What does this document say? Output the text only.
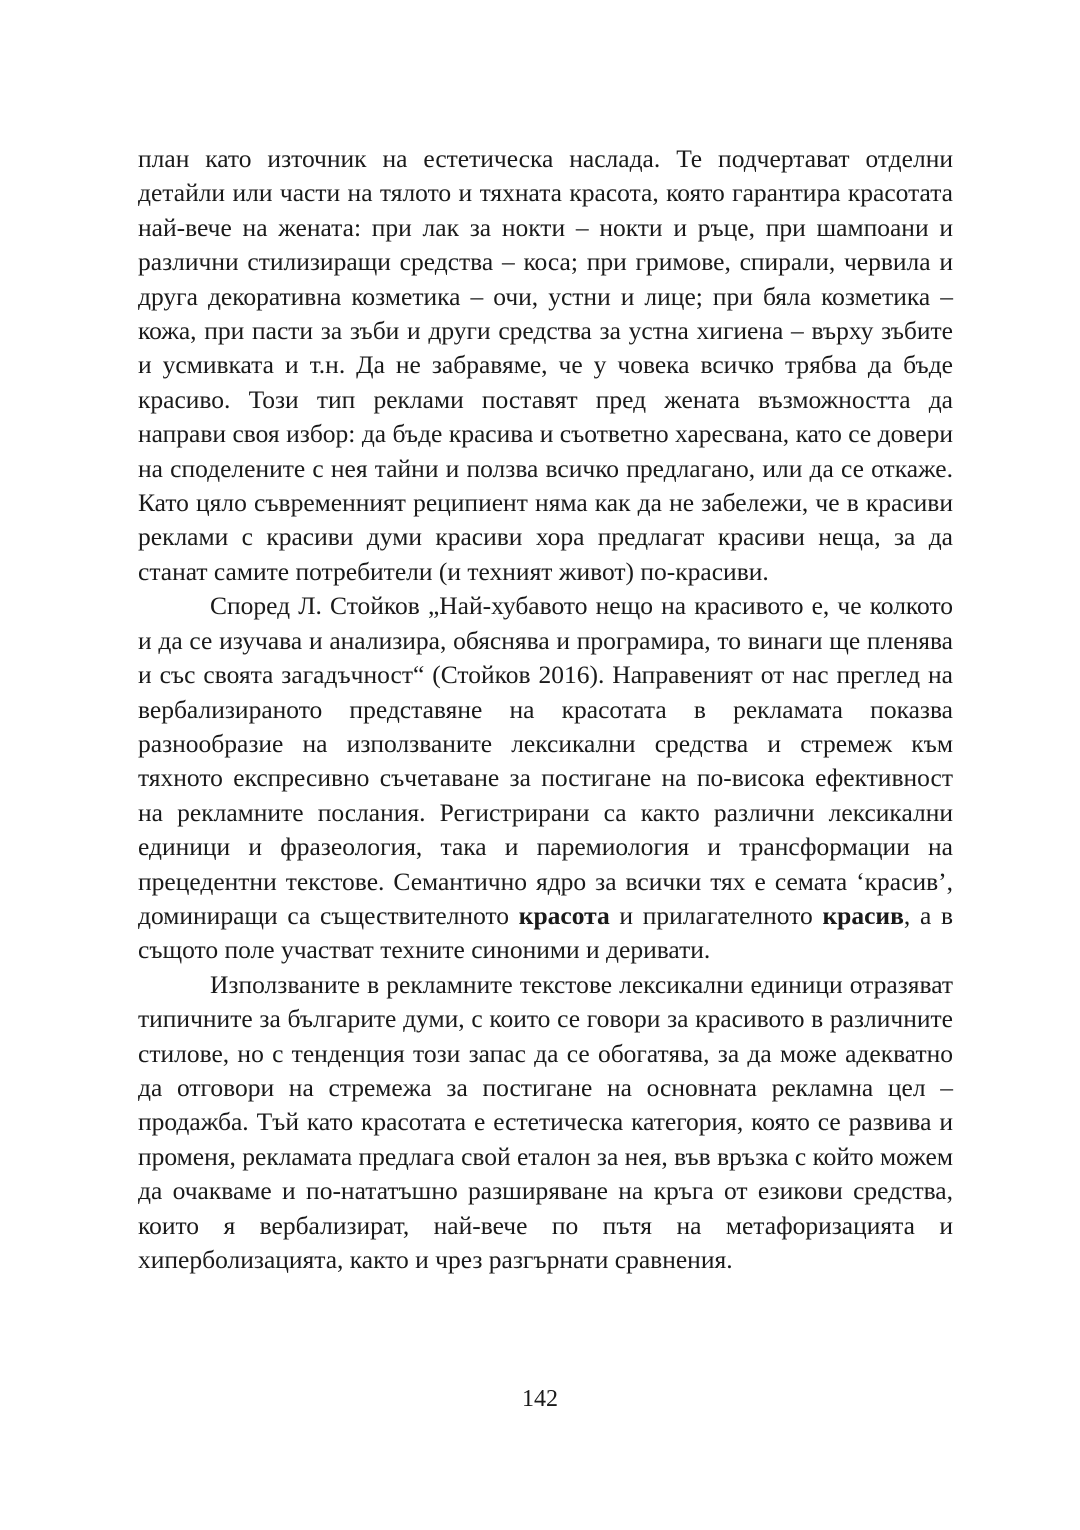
план като източник на естетическа наслада. Те подчертават отделни детайли или части на тялото и тяхната красота, която гарантира красотата най-вече на жената: при лак за нокти – нокти и ръце, при шампоани и различни стилизиращи средства – коса; при гримове, спирали, червила и друга декоративна козметика – очи, устни и лице; при бяла козметика – кожа, при пасти за зъби и други средства за устна хигиена – върху зъбите и усмивката и т.н. Да не забравяме, че у човека всичко трябва да бъде красиво. Този тип реклами поставят пред жената възможността да направи своя избор: да бъде красива и съответно харесвана, като се довери на споделените с нея тайни и ползва всичко предлагано, или да се откаже. Като цяло съвременният реципиент няма как да не забележи, че в красиви реклами с красиви думи красиви хора предлагат красиви неща, за да станат самите потребители (и техният живот) по-красиви.

Според Л. Стойков „Най-хубавото нещо на красивото е, че колкото и да се изучава и анализира, обяснява и програмира, то винаги ще пленява и със своята загадъчност“ (Стойков 2016). Направеният от нас преглед на вербализираното представяне на красотата в рекламата показва разнообразие на използваните лексикални средства и стремеж към тяхното експресивно съчетаване за постигане на по-висока ефективност на рекламните послания. Регистрирани са както различни лексикални единици и фразеология, така и паремиология и трансформации на прецедентни текстове. Семантично ядро за всички тях е семата ‘красив’, доминиращи са съществителното красота и прилагателното красив, а в същото поле участват техните синоними и деривати.

Използваните в рекламните текстове лексикални единици отразяват типичните за българите думи, с които се говори за красивото в различните стилове, но с тенденция този запас да се обогатява, за да може адекватно да отговори на стремежа за постигане на основната рекламна цел – продажба. Тъй като красотата е естетическа категория, която се развива и променя, рекламата предлага свой еталон за нея, във връзка с който можем да очакваме и по-нататъшно разширяване на кръга от езикови средства, които я вербализират, най-вече по пътя на метафоризацията и хиперболизацията, както и чрез разгърнати сравнения.

142
